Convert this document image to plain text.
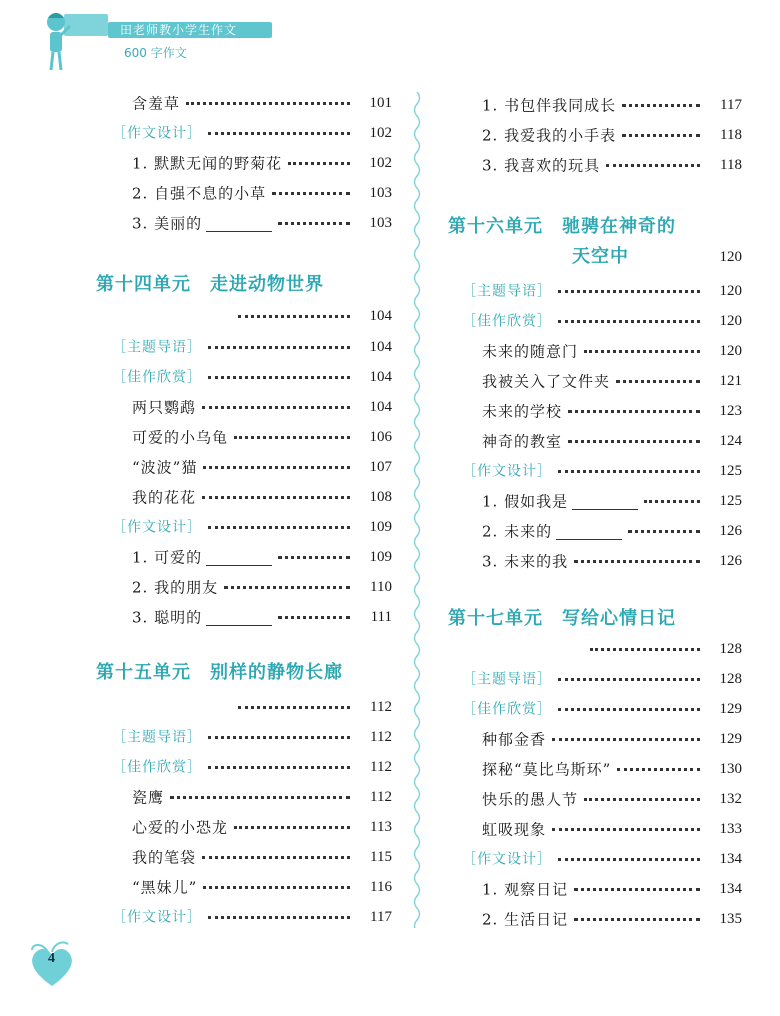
田老师教小学生作文
600 字作文
含羞草	101
［作文设计］	102
1. 默默无闻的野菊花	102
2. 自强不息的小草	103
3. 美丽的	103
第十四单元　走进动物世界
104
［主题导语］	104
［佳作欣赏］	104
两只鹦鹉	104
可爱的小乌龟	106
“波波”猫	107
我的花花	108
［作文设计］	109
1. 可爱的	109
2. 我的朋友	110
3. 聪明的	111
第十五单元　别样的静物长廊
112
［主题导语］	112
［佳作欣赏］	112
瓷鹰	112
心爱的小恐龙	113
我的笔袋	115
“黑妹儿”	116
［作文设计］	117
1. 书包伴我同成长	117
2. 我爱我的小手表	118
3. 我喜欢的玩具	118
第十六单元　驰骋在神奇的
天空中	120
［主题导语］	120
［佳作欣赏］	120
未来的随意门	120
我被关入了文件夹	121
未来的学校	123
神奇的教室	124
［作文设计］	125
1. 假如我是	125
2. 未来的	126
3. 未来的我	126
第十七单元　写给心情日记
128
［主题导语］	128
［佳作欣赏］	129
种郁金香	129
探秘“莫比乌斯环”	130
快乐的愚人节	132
虹吸现象	133
［作文设计］	134
1. 观察日记	134
2. 生活日记	135
4
